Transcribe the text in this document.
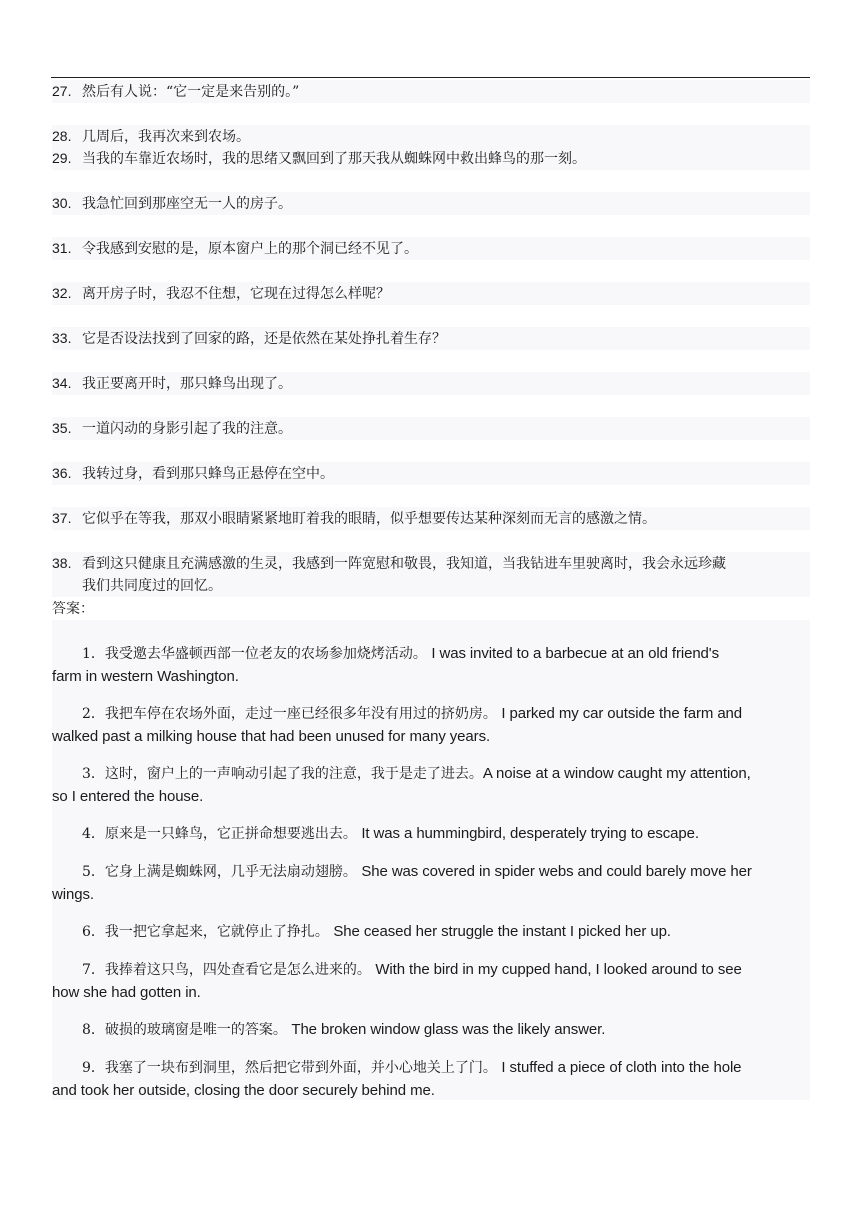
27. 然后有人说：“它一定是来告别的。”
28. 几周后，我再次来到农场。
29. 当我的车靠近农场时，我的思绪又飘回到了那天我从蜘蛛网中救出蜂鸟的那一刻。
30. 我急忙回到那座空无一人的房子。
31. 令我感到安慰的是，原本窗户上的那个洞已经不见了。
32. 离开房子时，我忍不住想，它现在过得怎么样呢？
33. 它是否设法找到了回家的路，还是依然在某处挣扎着生存？
34. 我正要离开时，那只蜂鸟出现了。
35. 一道闪动的身影引起了我的注意。
36. 我转过身，看到那只蜂鸟正悬停在空中。
37. 它似乎在等我，那双小眼睛紧紧地盯着我的眼睛，似乎想要传达某种深刻而无言的感激之情。
38. 看到这只健康且充满感激的生灵，我感到一阵宽慰和敬畏，我知道，当我钻进车里驶离时，我会永远珍藏
我们共同度过的回忆。
答案：
1．我受邀去华盛顿西部一位老友的农场参加烧烤活动。 I was invited to a barbecue at an old friend's
farm in western Washington.
2．我把车停在农场外面，走过一座已经很多年没有用过的挤奶房。 I parked my car outside the farm and
walked past a milking house that had been unused for many years.
3．这时，窗户上的一声响动引起了我的注意，我于是走了进去。A noise at a window caught my attention,
so I entered the house.
4．原来是一只蜂鸟，它正拼命想要逃出去。 It was a hummingbird, desperately trying to escape.
5．它身上满是蜘蛛网，几乎无法扇动翅膀。 She was covered in spider webs and could barely move her
wings.
6．我一把它拿起来，它就停止了挣扎。 She ceased her struggle the instant I picked her up.
7．我捧着这只鸟，四处查看它是怎么进来的。 With the bird in my cupped hand, I looked around to see
how she had gotten in.
8．破损的玻璃窗是唯一的答案。 The broken window glass was the likely answer.
9．我塞了一块布到洞里，然后把它带到外面，并小心地关上了门。 I stuffed a piece of cloth into the hole
and took her outside, closing the door securely behind me.
